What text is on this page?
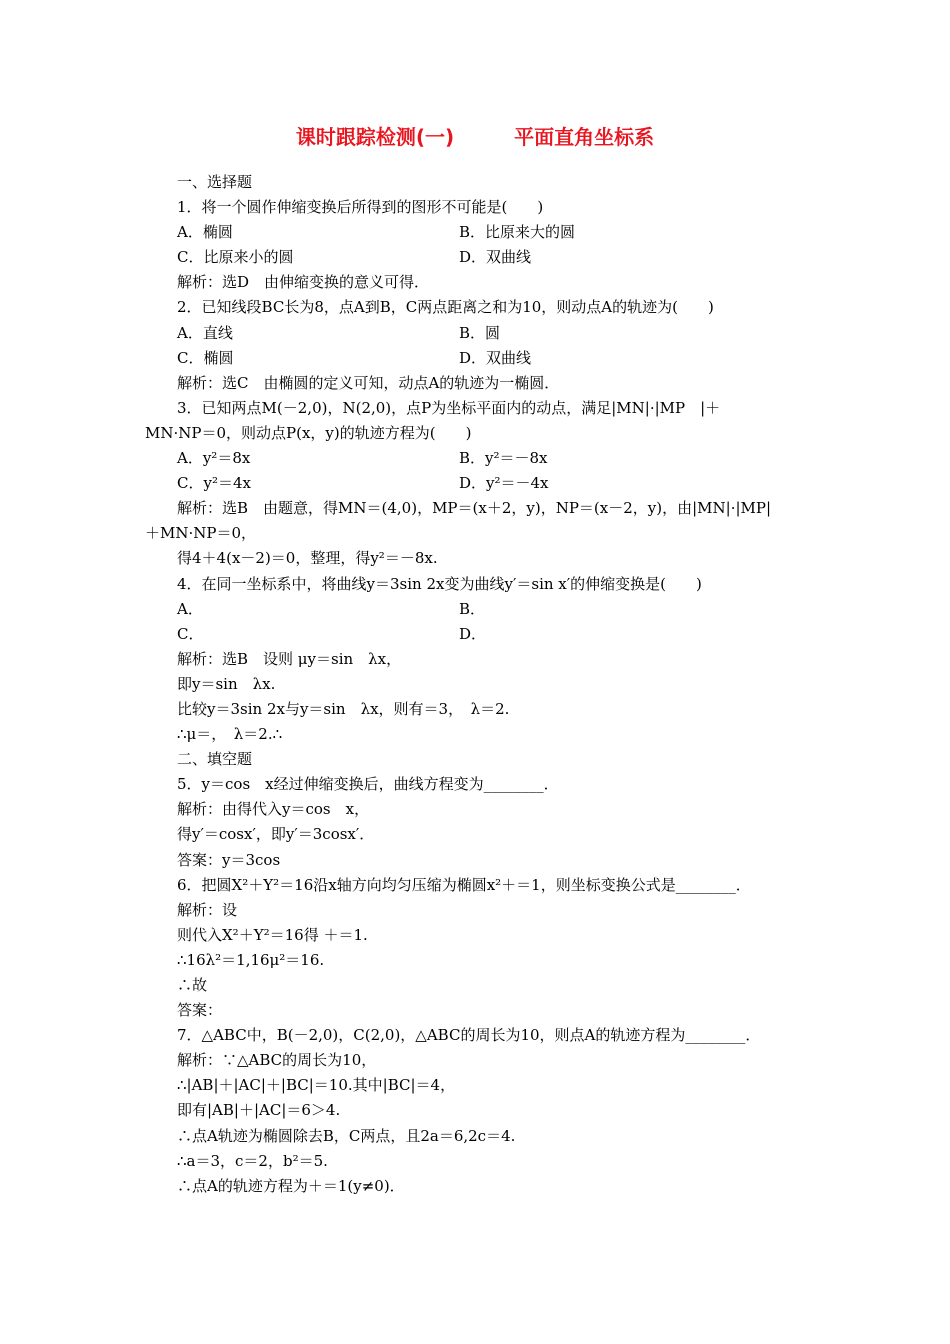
课时跟踪检测(一)	平面直角坐标系
一、选择题
1．将一个圆作伸缩变换后所得到的图形不可能是(　　)
A．椭圆	B．比原来大的圆
C．比原来小的圆	D．双曲线
解析：选D　由伸缩变换的意义可得．
2．已知线段BC长为8，点A到B，C两点距离之和为10，则动点A的轨迹为(　　)
A．直线	B．圆
C．椭圆	D．双曲线
解析：选C　由椭圆的定义可知，动点A的轨迹为一椭圆．
3．已知两点M(－2,0)，N(2,0)，点P为坐标平面内的动点，满足|MN|·|MP　|＋
MN·NP＝0，则动点P(x，y)的轨迹方程为(　　)
A．y²＝8x	B．y²＝－8x
C．y²＝4x	D．y²＝－4x
解析：选B　由题意，得MN＝(4,0)，MP＝(x＋2，y)，NP＝(x－2，y)，由|MN|·|MP|
＋MN·NP＝0，
得4＋4(x－2)＝0，整理，得y²＝－8x.
4．在同一坐标系中，将曲线y＝3sin 2x变为曲线y′＝sin x′的伸缩变换是(　　)
A．	B．
C．	D．
解析：选B　设则 μy＝sin　λx，
即y＝sin　λx.
比较y＝3sin 2x与y＝sin　λx，则有＝3，　λ＝2.
∴μ＝，　λ＝2.∴
二、填空题
5．y＝cos　x经过伸缩变换后，曲线方程变为________．
解析：由得代入y＝cos　x，
得y′＝cosx′，即y′＝3cosx′．
答案：y＝3cos
6．把圆X²＋Y²＝16沿x轴方向均匀压缩为椭圆x²＋＝1，则坐标变换公式是________．
解析：设
则代入X²＋Y²＝16得 ＋＝1.
∴16λ²＝1,16μ²＝16.
∴故
答案：
7．△ABC中，B(－2,0)，C(2,0)，△ABC的周长为10，则点A的轨迹方程为________．
解析：∵△ABC的周长为10，
∴|AB|＋|AC|＋|BC|＝10.其中|BC|＝4，
即有|AB|＋|AC|＝6＞4.
∴点A轨迹为椭圆除去B，C两点，且2a＝6,2c＝4.
∴a＝3，c＝2，b²＝5.
∴点A的轨迹方程为＋＝1(y≠0)．
